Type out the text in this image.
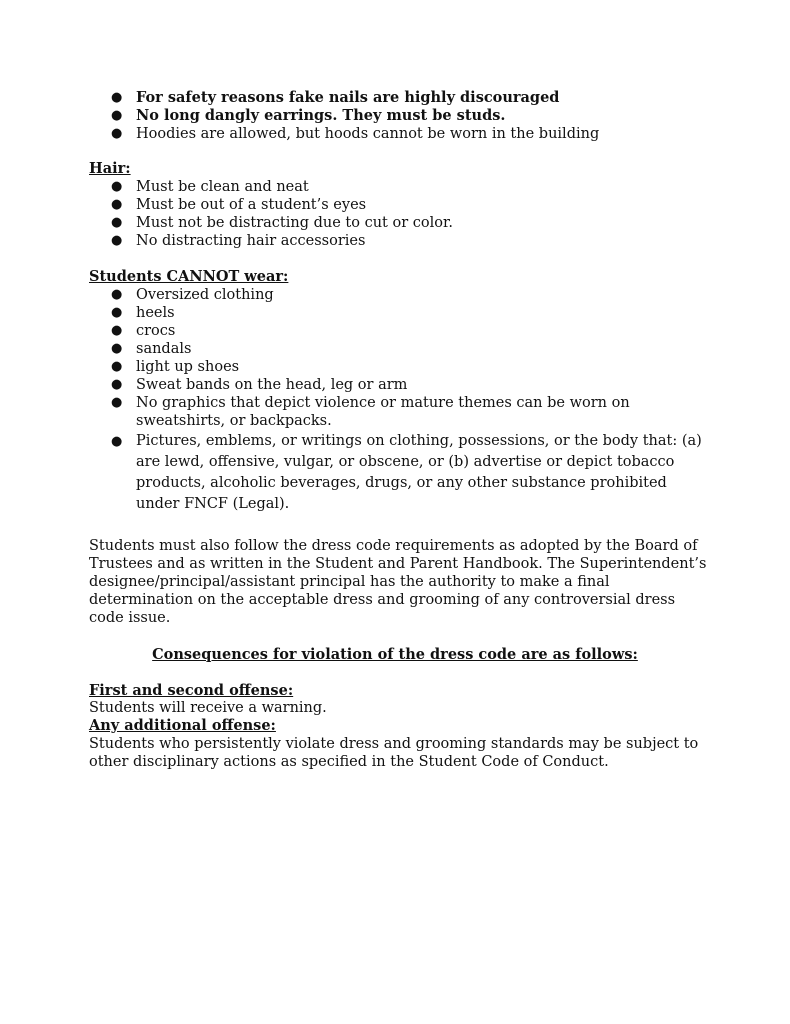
● For safety reasons fake nails are highly discouraged
● No long dangly earrings. They must be studs.
● Hoodies are allowed, but hoods cannot be worn in the building
Hair:
● Must be clean and neat
● Must be out of a student’s eyes
● Must not be distracting due to cut or color.
● No distracting hair accessories
Students CANNOT wear:
● Oversized clothing
● heels
● crocs
● sandals
● light up shoes
● Sweat bands on the head, leg or arm
● No graphics that depict violence or mature themes can be worn on sweatshirts, or backpacks.
● Pictures, emblems, or writings on clothing, possessions, or the body that: (a) are lewd, offensive, vulgar, or obscene, or (b) advertise or depict tobacco products, alcoholic beverages, drugs, or any other substance prohibited under FNCF (Legal).
Students must also follow the dress code requirements as adopted by the Board of Trustees and as written in the Student and Parent Handbook. The Superintendent’s designee/principal/assistant principal has the authority to make a final determination on the acceptable dress and grooming of any controversial dress code issue.
Consequences for violation of the dress code are as follows:
First and second offense:
Students will receive a warning.
Any additional offense:
Students who persistently violate dress and grooming standards may be subject to other disciplinary actions as specified in the Student Code of Conduct.
